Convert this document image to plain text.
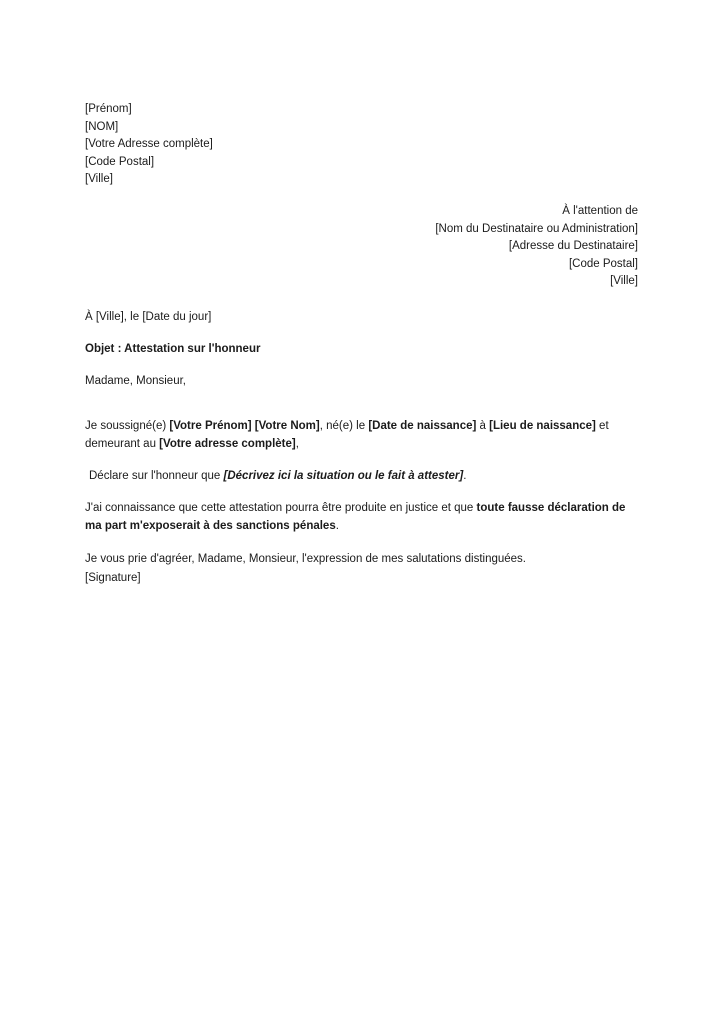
[Prénom]
[NOM]
[Votre Adresse complète]
[Code Postal]
[Ville]
À l'attention de
[Nom du Destinataire ou Administration]
[Adresse du Destinataire]
[Code Postal]
[Ville]
À [Ville], le [Date du jour]
Objet : Attestation sur l'honneur
Madame, Monsieur,

Je soussigné(e) [Votre Prénom] [Votre Nom], né(e) le [Date de naissance] à [Lieu de naissance] et demeurant au [Votre adresse complète],

Déclare sur l'honneur que [Décrivez ici la situation ou le fait à attester].

J'ai connaissance que cette attestation pourra être produite en justice et que toute fausse déclaration de ma part m'exposerait à des sanctions pénales.

Je vous prie d'agréer, Madame, Monsieur, l'expression de mes salutations distinguées.

[Signature]
